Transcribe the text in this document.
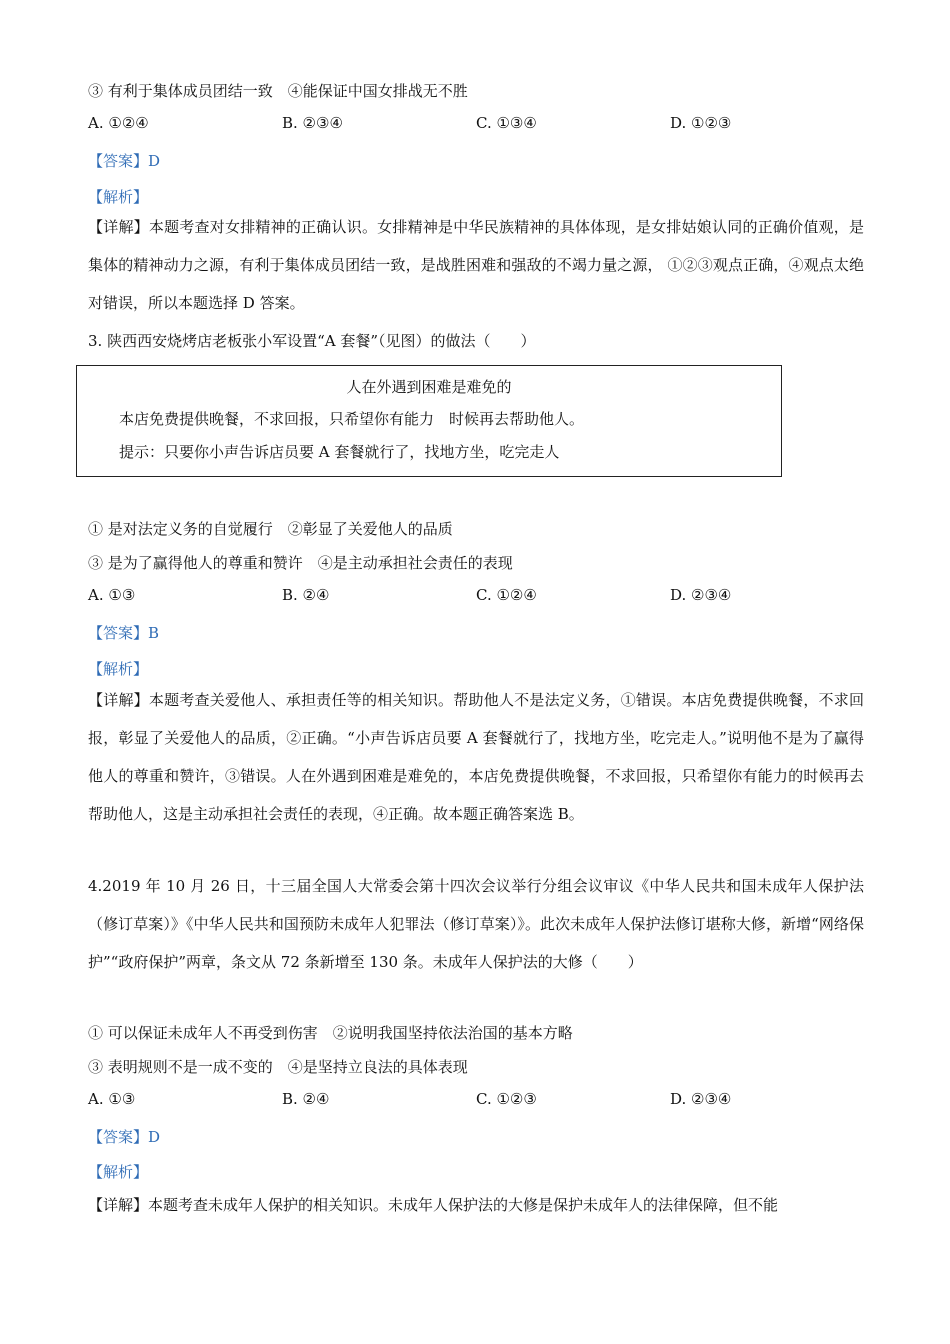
③ 有利于集体成员团结一致　④能保证中国女排战无不胜
A. ①②④	B. ②③④	C. ①③④	D. ①②③
【答案】D
【解析】
【详解】本题考查对女排精神的正确认识。女排精神是中华民族精神的具体体现，是女排姑娘认同的正确价值观，是集体的精神动力之源，有利于集体成员团结一致，是战胜困难和强敌的不竭力量之源， ①②③观点正确，④观点太绝对错误，所以本题选择 D 答案。
3. 陕西西安烧烤店老板张小军设置“A 套餐”（见图）的做法（　　）
人在外遇到困难是难免的
本店免费提供晚餐，不求回报，只希望你有能力　时候再去帮助他人。
提示：只要你小声告诉店员要 A 套餐就行了，找地方坐，吃完走人
① 是对法定义务的自觉履行　②彰显了关爱他人的品质
③ 是为了赢得他人的尊重和赞许　④是主动承担社会责任的表现
A. ①③	B. ②④	C. ①②④	D. ②③④
【答案】B
【解析】
【详解】本题考查关爱他人、承担责任等的相关知识。帮助他人不是法定义务，①错误。本店免费提供晚餐，不求回报，彰显了关爱他人的品质，②正确。“小声告诉店员要 A 套餐就行了，找地方坐，吃完走人。”说明他不是为了赢得他人的尊重和赞许，③错误。人在外遇到困难是难免的，本店免费提供晚餐，不求回报，只希望你有能力的时候再去帮助他人，这是主动承担社会责任的表现，④正确。故本题正确答案选 B。
4.2019 年 10 月 26 日，十三届全国人大常委会第十四次会议举行分组会议审议《中华人民共和国未成年人保护法（修订草案）》《中华人民共和国预防未成年人犯罪法（修订草案）》。此次未成年人保护法修订堪称大修，新增“网络保护”“政府保护”两章，条文从 72 条新增至 130 条。未成年人保护法的大修（　　）
① 可以保证未成年人不再受到伤害　②说明我国坚持依法治国的基本方略
③ 表明规则不是一成不变的　④是坚持立良法的具体表现
A. ①③	B. ②④	C. ①②③	D. ②③④
【答案】D
【解析】
【详解】本题考查未成年人保护的相关知识。未成年人保护法的大修是保护未成年人的法律保障，但不能
